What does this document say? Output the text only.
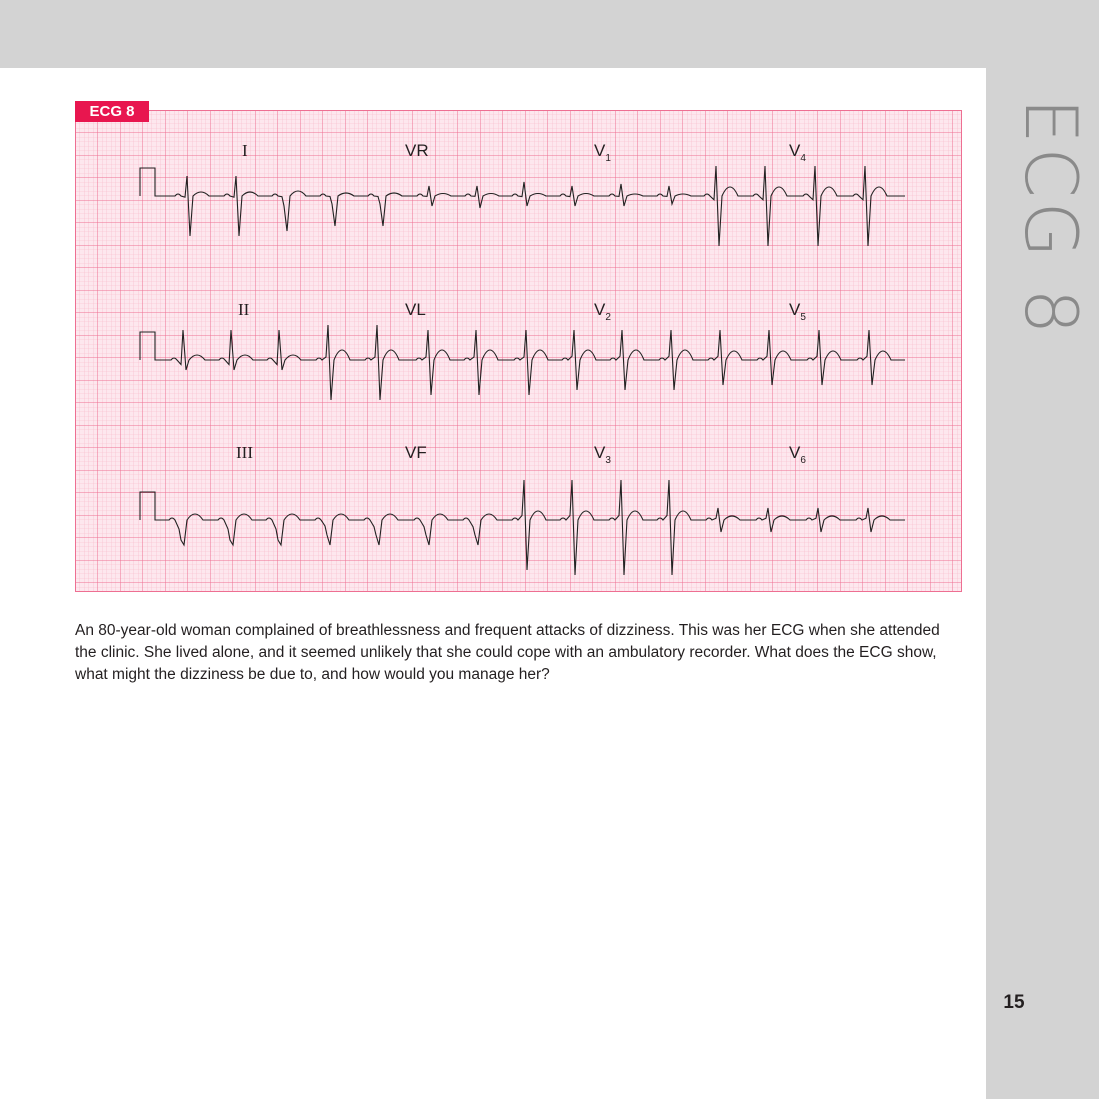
ECG 8
I	VR	$V_1$	$V_4$
II	VL	$V_2$	$V_5$
III	VF	$V_3$	$V_6$
ECG 8

An 80-year-old woman complained of breathlessness and frequent attacks of dizziness. This was her ECG when she attended the clinic. She lived alone, and it seemed unlikely that she could cope with an ambulatory recorder. What does the ECG show, what might the dizziness be due to, and how would you manage her?

15
